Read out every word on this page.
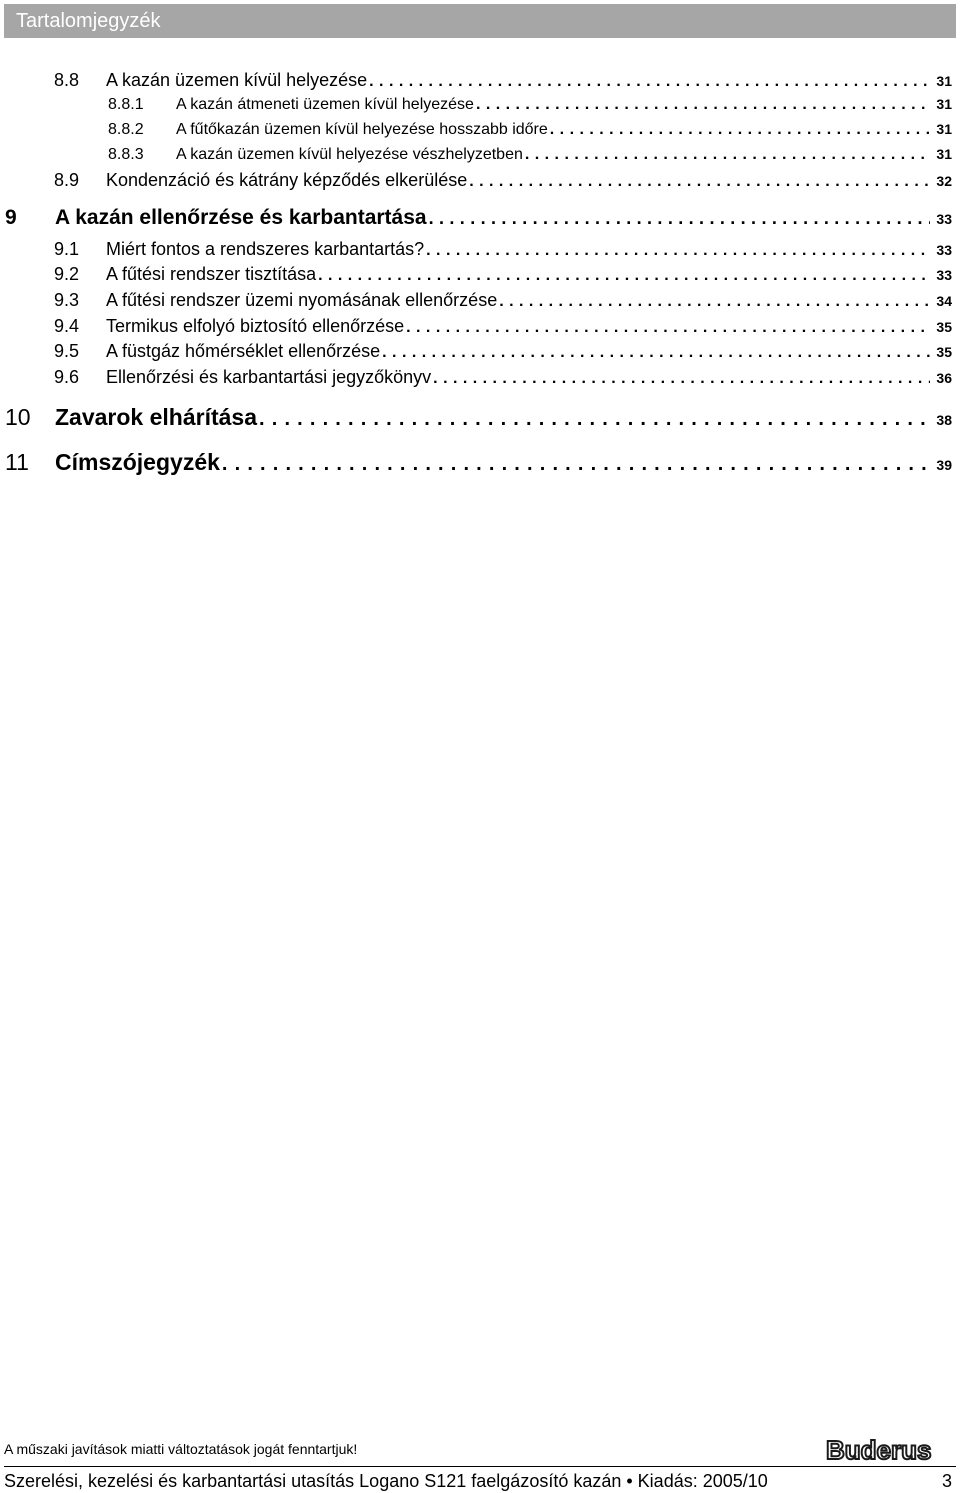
Tartalomjegyzék
8.8	A kazán üzemen kívül helyezése . . .	31
8.8.1	A kazán átmeneti üzemen kívül helyezése . . .	31
8.8.2	A fűtőkazán üzemen kívül helyezése hosszabb időre . . .	31
8.8.3	A kazán üzemen kívül helyezése vészhelyzetben . . .	31
8.9	Kondenzáció és kátrány képződés elkerülése . . .	32
9	A kazán ellenőrzése és karbantartása . . .	33
9.1	Miért fontos a rendszeres karbantartás? . . .	33
9.2	A fűtési rendszer tisztítása . . .	33
9.3	A fűtési rendszer üzemi nyomásának ellenőrzése . . .	34
9.4	Termikus elfolyó biztosító ellenőrzése . . .	35
9.5	A füstgáz hőmérséklet ellenőrzése . . .	35
9.6	Ellenőrzési és karbantartási jegyzőkönyv . . .	36
10	Zavarok elhárítása . . .	38
11	Címszójegyzék . . .	39
A műszaki javítások miatti változtatások jogát fenntartjuk!	Buderus
Szerelési, kezelési és karbantartási utasítás Logano S121 faelgázosító kazán • Kiadás: 2005/10	3
